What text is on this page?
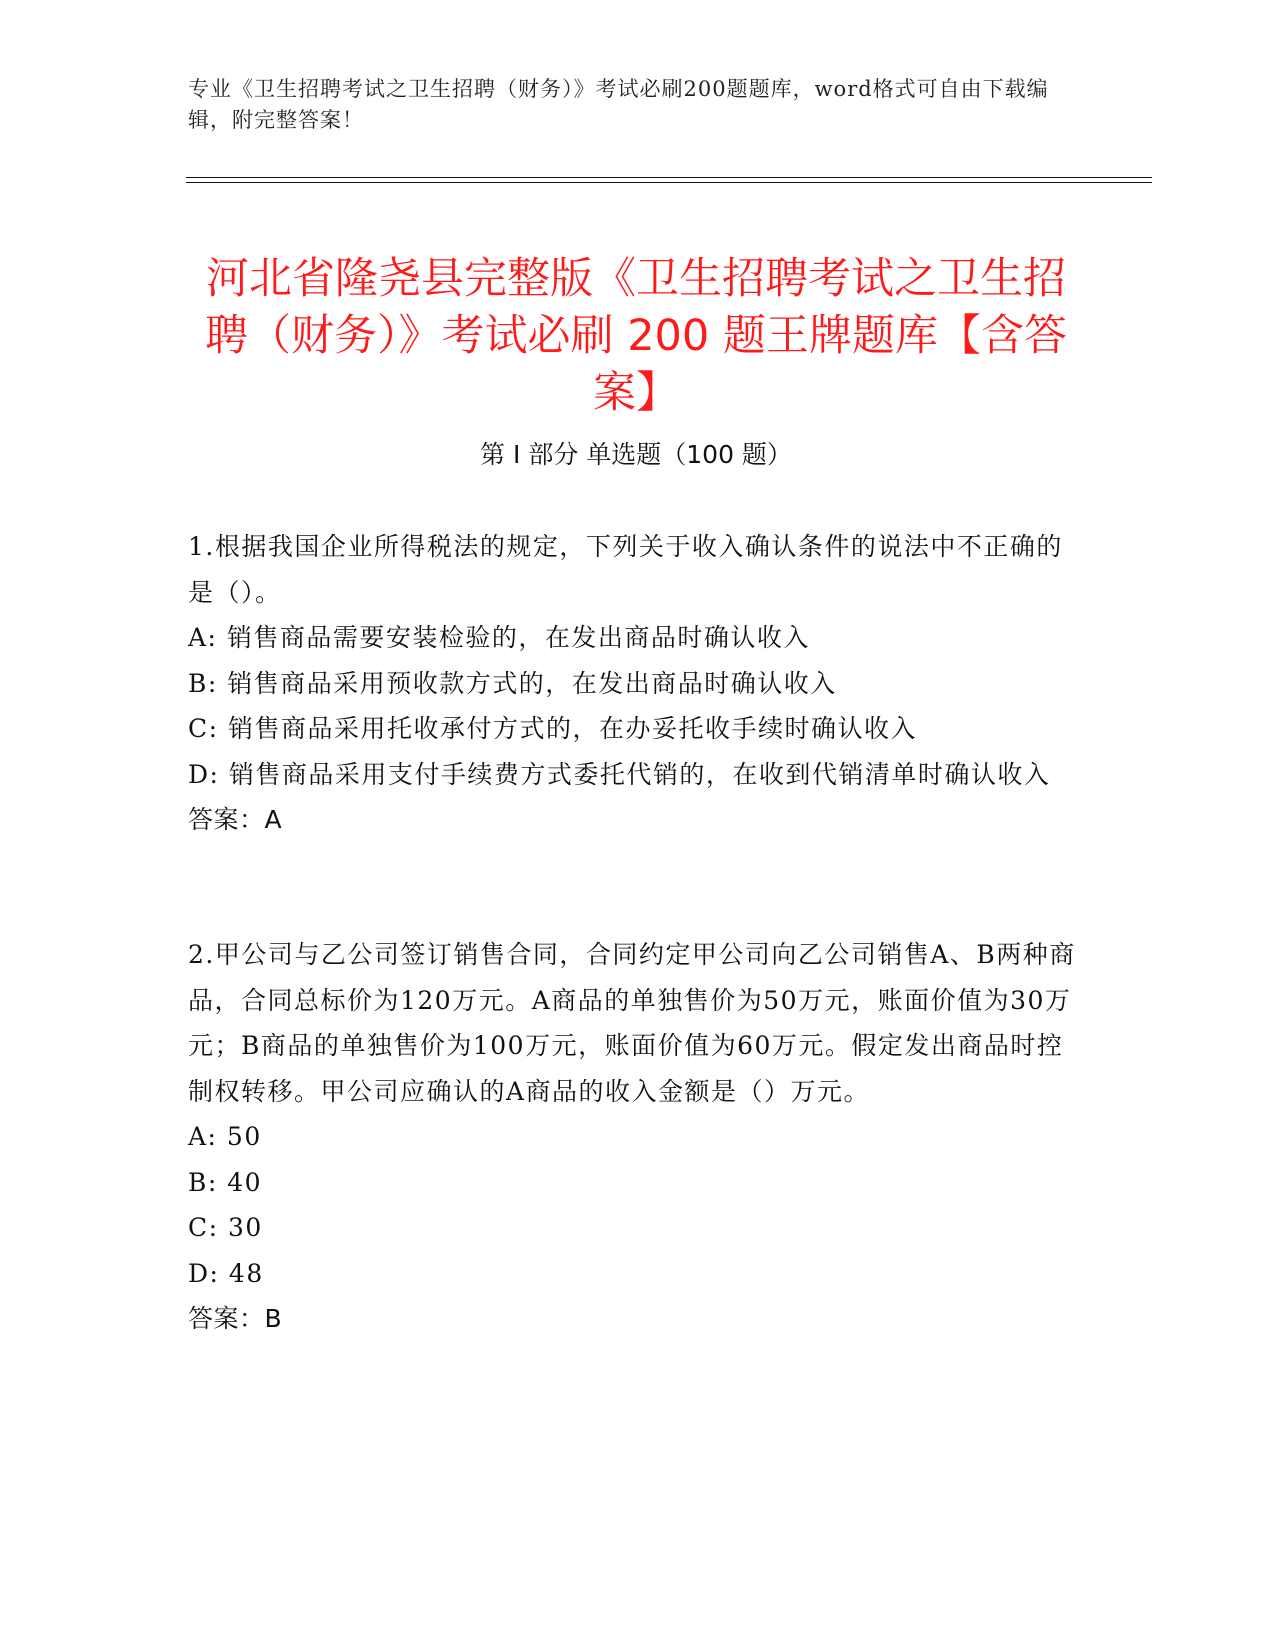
专业《卫生招聘考试之卫生招聘（财务）》考试必刷200题题库，word格式可自由下载编辑，附完整答案！
河北省隆尧县完整版《卫生招聘考试之卫生招聘（财务）》考试必刷 200 题王牌题库【含答案】
第 I 部分 单选题（100 题）
1.根据我国企业所得税法的规定，下列关于收入确认条件的说法中不正确的是（）。
A: 销售商品需要安装检验的，在发出商品时确认收入
B: 销售商品采用预收款方式的，在发出商品时确认收入
C: 销售商品采用托收承付方式的，在办妥托收手续时确认收入
D: 销售商品采用支付手续费方式委托代销的，在收到代销清单时确认收入
答案：A
2.甲公司与乙公司签订销售合同，合同约定甲公司向乙公司销售A、B两种商品，合同总标价为120万元。A商品的单独售价为50万元，账面价值为30万元；B商品的单独售价为100万元，账面价值为60万元。假定发出商品时控制权转移。甲公司应确认的A商品的收入金额是（）万元。
A: 50
B: 40
C: 30
D: 48
答案：B
